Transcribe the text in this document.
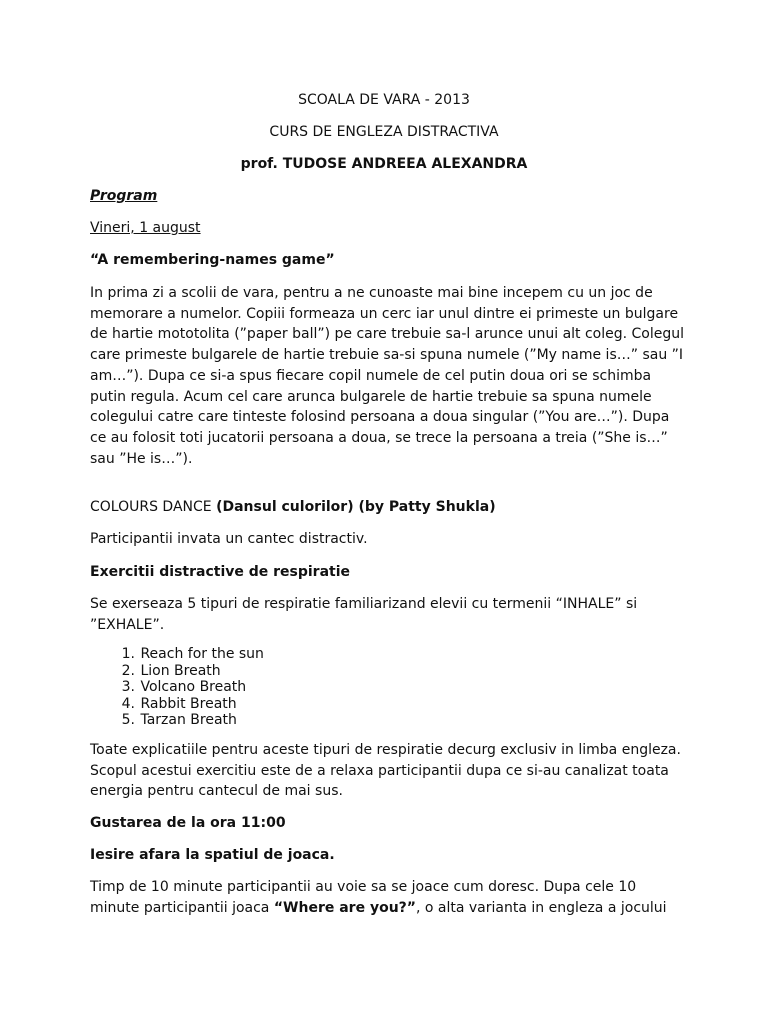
SCOALA DE VARA - 2013
CURS DE ENGLEZA DISTRACTIVA
prof. TUDOSE ANDREEA ALEXANDRA
Program
Vineri, 1 august
“A remembering-names game”
In prima zi a scolii de vara, pentru a ne cunoaste mai bine incepem cu un joc de
memorare a numelor. Copiii formeaza un cerc iar unul dintre ei primeste un bulgare
de hartie mototolita (”paper ball”) pe care trebuie sa-l arunce unui alt coleg. Colegul
care primeste bulgarele de hartie trebuie sa-si spuna numele (”My name is…” sau ”I
am…”). Dupa ce si-a spus fiecare copil numele de cel putin doua ori se schimba
putin regula. Acum cel care arunca bulgarele de hartie trebuie sa spuna numele
colegului catre care tinteste folosind persoana a doua singular (”You are…”). Dupa
ce au folosit toti jucatorii persoana a doua, se trece la persoana a treia (”She is…”
sau ”He is…”).
COLOURS DANCE (Dansul culorilor) (by Patty Shukla)
Participantii invata un cantec distractiv.
Exercitii distractive de respiratie
Se exerseaza 5 tipuri de respiratie familiarizand elevii cu termenii “INHALE” si
”EXHALE”.
1. Reach for the sun
2. Lion Breath
3. Volcano Breath
4. Rabbit Breath
5. Tarzan Breath
Toate explicatiile pentru aceste tipuri de respiratie decurg exclusiv in limba engleza.
Scopul acestui exercitiu este de a relaxa participantii dupa ce si-au canalizat toata
energia pentru cantecul de mai sus.
Gustarea de la ora 11:00
Iesire afara la spatiul de joaca.
Timp de 10 minute participantii au voie sa se joace cum doresc. Dupa cele 10
minute participantii joaca “Where are you?”, o alta varianta in engleza a jocului
